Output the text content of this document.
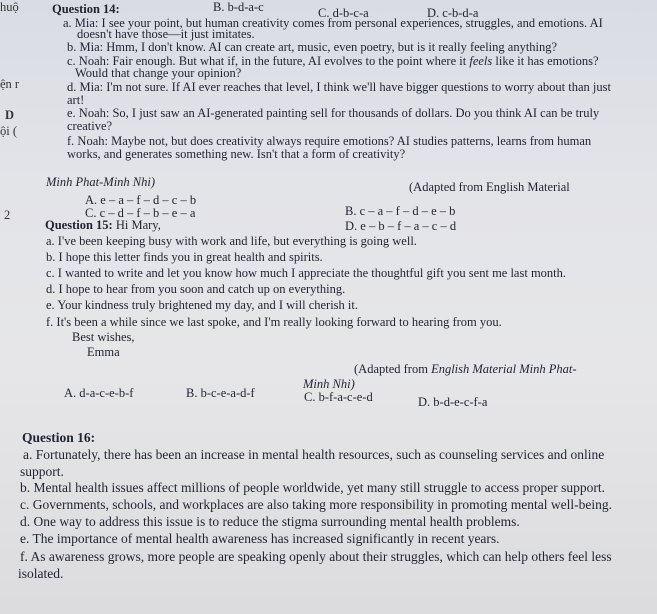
huộ
ện r
D
ội (
2
Question 14:	B. b-d-a-c	C. d-b-c-a	D. c-b-d-a
a. Mia: I see your point, but human creativity comes from personal experiences, struggles, and emotions. AI
doesn't have those—it just imitates.
b. Mia: Hmm, I don't know. AI can create art, music, even poetry, but is it really feeling anything?
c. Noah: Fair enough. But what if, in the future, AI evolves to the point where it feels like it has emotions?
Would that change your opinion?
d. Mia: I'm not sure. If AI ever reaches that level, I think we'll have bigger questions to worry about than just
art!
e. Noah: So, I just saw an AI-generated painting sell for thousands of dollars. Do you think AI can be truly
creative?
f. Noah: Maybe not, but does creativity always require emotions? AI studies patterns, learns from human
works, and generates something new. Isn't that a form of creativity?
Minh Phat-Minh Nhi)	(Adapted from English Material
A. e – a – f – d – c – b
B. c – a – f – d – e – b
C. c – d – f – b – e – a
D. e – b – f – a – c – d
Question 15: Hi Mary,
a. I've been keeping busy with work and life, but everything is going well.
b. I hope this letter finds you in great health and spirits.
c. I wanted to write and let you know how much I appreciate the thoughtful gift you sent me last month.
d. I hope to hear from you soon and catch up on everything.
e. Your kindness truly brightened my day, and I will cherish it.
f. It's been a while since we last spoke, and I'm really looking forward to hearing from you.
Best wishes,
Emma
(Adapted from English Material Minh Phat-
Minh Nhi)
A. d-a-c-e-b-f	B. b-c-e-a-d-f	C. b-f-a-c-e-d	D. b-d-e-c-f-a
Question 16:
a. Fortunately, there has been an increase in mental health resources, such as counseling services and online
support.
b. Mental health issues affect millions of people worldwide, yet many still struggle to access proper support.
c. Governments, schools, and workplaces are also taking more responsibility in promoting mental well-being.
d. One way to address this issue is to reduce the stigma surrounding mental health problems.
e. The importance of mental health awareness has increased significantly in recent years.
f. As awareness grows, more people are speaking openly about their struggles, which can help others feel less
isolated.
